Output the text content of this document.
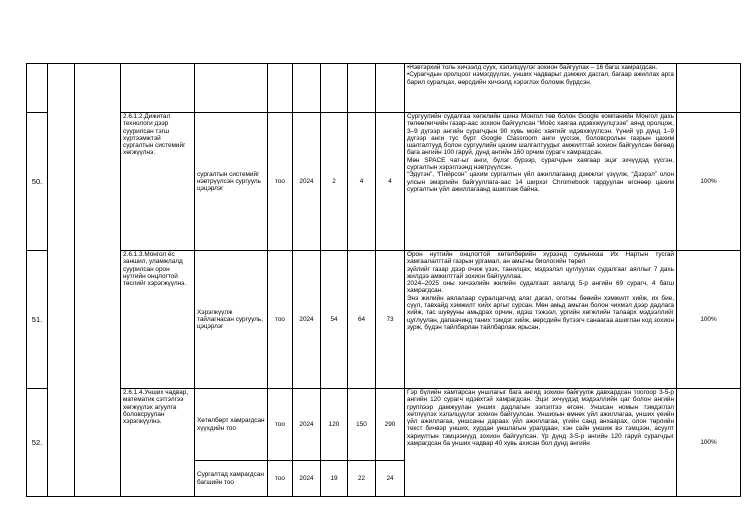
										•Нэвтэрхий толь хичээлд суух, хэлэлцүүлэг зохион байгуулах – 16 багш хамрагдсан.

•Сурагчдын оролцоог нэмэгдүүлэх, унших чадварыг дэмжих дасгал, багаар ажиллах арга барил суралцах, өөрсдийн хичээлд хэрэглэх боломж бүрдсэн.	

50.			2.6.1.2.Дижитал технологи дээр суурилсан тэгш хүртээмжтэй сургалтын системийг хөгжүүлнэ.	сургалтын системийг нэвтрүүлсэн сургууль цэцэрлэг	тоо	2024	2	4	4	Сургуулийн судалгаа хөгжлийн шинэ Монгол төв болон Google компанийн Монгол дахь төлөөлөгчийн газар-аас зохион байгуулсан “Моёс хаягаа идэвхжүүлцгээе” аянд оролцож, 3–9 дүгээр ангийн сурагчдын 90 хувь моёс хаягийг идэвхжүүлсэн. Үүний үр дүнд 1–9 дүгээр анги тус бүрт Google Classroom анги үүсгэж, боловсролын газрын цахим шалгалтууд болон сургуулийн цахим шалгалтуудыг амжилттай зохион байгуулсан бөгөөд бага ангийн 100 гаруй, дунд ангийн 160 орчим сурагч хамрагдсан.

Мөн SPACE чат-ыг анги, бүлэг бүрээр, сурагчдын хаягаар эцэг эхчүүдэд үүсгэн, сургалтын хэрэглээнд нэвтрүүлсэн.

“Эдүтэн”, “Пийрсон” цахим сургалтын үйл ажиллагаанд дэмжлэг үзүүлж, “Дзэрэл” олон улсын эмзрлийн байгууллага-аас 14 ширхэг Chromebook гардуулан өгснөөр цахим сургалтын үйл ажиллагаанд ашиглаж байна.	100%
51.			2.6.1.3.Монгол ёс заншил, уламжлалд суурилсан орон нутгийн онцлогтой төслийг хэрэгжүүлнэ.	Хэрэгжүүлж тайлагнасан сургууль, цэцэрлэг	тоо	2024	54	64	73	Орон нутгийн онцлогтой хөтөлбөрийн хүрээнд сумынхаа Их Нартын тусгай хамгаалалттай газрын ургамал, ан амьтны биологийн төрөл

зүйлийг газар дээр очиж үзэх, танилцах, мэдээлэл цуглуулах судалгааг аяллыг 7 дахь жилдээ амжилттай зохион байгууллаа.

2024–2025 оны хичээлийн жилийн судалгаат аялалд 5-р ангийн 69 сурагч, 4 багш хамрагдсан.

Энэ жилийн аялалаар суралцагчид алаг дагал, оготны бөөийн хэмжилт хийж, их бие, сүүл, тавхайд хэмжилт хийх аргыг сурсан. Мөн амьд амьтан болон чихмэл дээр дадлага хийж, тас шувууны амьдрах орчин, идэш тэжээл, ургийн хөгжлийн талаарх мэдээллийг цуглуулан, дапаачинд таних тэмдэг хийж, өөрсдийн бүтээгч санаагаа ашиглан код зохион зурж, бүдэн тайлбарлан тайлбарлаж ярьсан.	100%
52.			2.6.1.4.Унших чадвар, математик сэтгэлгээ хөгжүүлэх агуулга боловсруулан хэрэгжүүлнэ.	Хөтөлбөрт хамрагдсан хүүхдийн тоо	тоо	2024	120	150	290	Гэр бүлийн хамтарсан уншлагыг бага ангид зохион байгуулж давхардсан тоогоор 3-5-р ангийн 120 сурагч идэвхтэй хамрагдсан. Эцэг эхчүүдэд мэдээллийн цаг болон ангийн группээр дамжуулан унших дадлагын ээлэлтээ өгсөн. Уншсан номын тэмдэглэл хөтлүүлэх хэлэлцүүлэг зохион байгуулсан. Уншихын өмнөх үйл ажиллагаа, унших үеийн үйл ажиллагаа, уншсаны дараах үйл ажиллагаа, үгийн санд анхаарах, олон төрлийн текст бичвэр унших, хурдан уншлагын уралдаан, хэн сайн уншиж вэ тэмцээн, асуулт хариултын тэмцээнүүд зохион байгуулсан. Үр дүнд 3-5-р ангийн 120 гаруй сурагчдыг хамрагдсан ба унших чадвар 40 хувь ахисан бол дунд ангийн	100%
				Сургалтад хамрагдсан багшийн тоо	тоо	2024	19	22	24		
